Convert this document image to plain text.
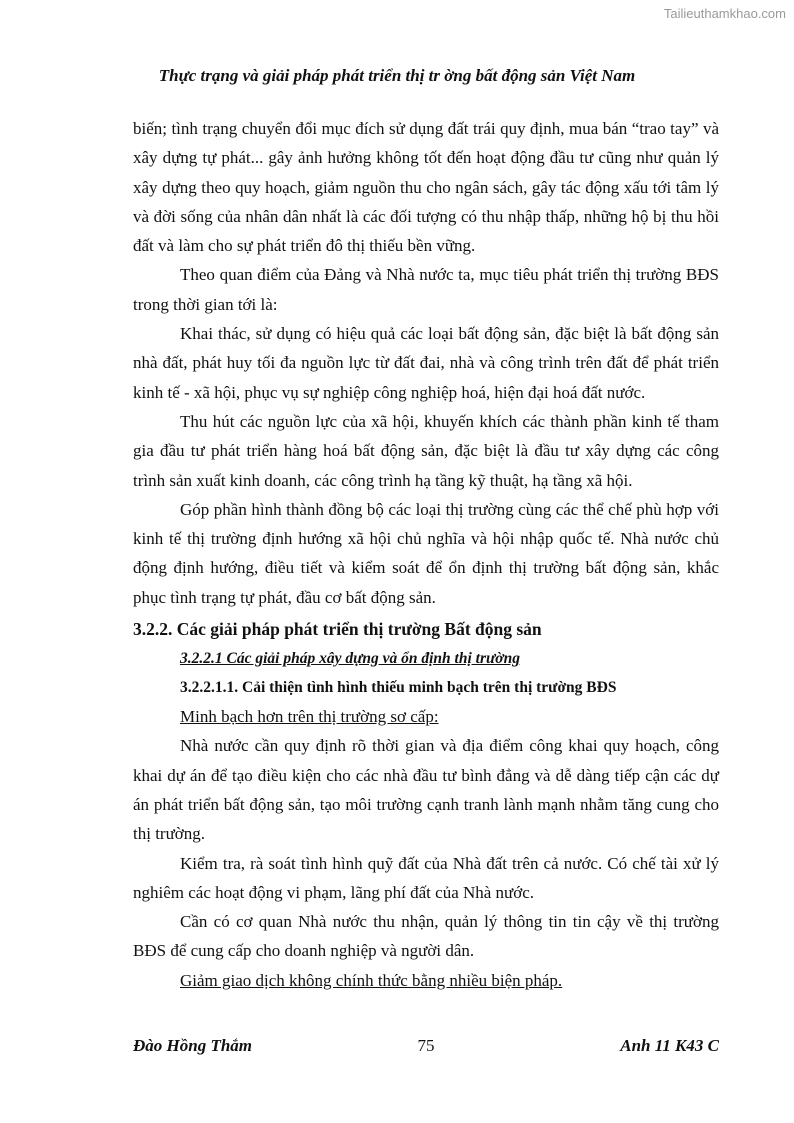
Tailieuthamkhao.com
Thực trạng và giải pháp phát triển thị tr ờng bất động sản Việt Nam

biến; tình trạng chuyển đổi mục đích sử dụng đất trái quy định, mua bán “trao tay” và xây dựng tự phát... gây ảnh hưởng không tốt đến hoạt động đầu tư cũng như quản lý xây dựng theo quy hoạch, giảm nguồn thu cho ngân sách, gây tác động xấu tới tâm lý và đời sống của nhân dân nhất là các đối tượng có thu nhập thấp, những hộ bị thu hồi đất và làm cho sự phát triển đô thị thiếu bền vững.

Theo quan điểm của Đảng và Nhà nước ta, mục tiêu phát triển thị trường BĐS trong thời gian tới là:

Khai thác, sử dụng có hiệu quả các loại bất động sản, đặc biệt là bất động sản nhà đất, phát huy tối đa nguồn lực từ đất đai, nhà và công trình trên đất để phát triển kinh tế - xã hội, phục vụ sự nghiệp công nghiệp hoá, hiện đại hoá đất nước.

Thu hút các nguồn lực của xã hội, khuyến khích các thành phần kinh tế tham gia đầu tư phát triển hàng hoá bất động sản, đặc biệt là đầu tư xây dựng các công trình sản xuất kinh doanh, các công trình hạ tầng kỹ thuật, hạ tầng xã hội.

Góp phần hình thành đồng bộ các loại thị trường cùng các thể chế phù hợp với kinh tế thị trường định hướng xã hội chủ nghĩa và hội nhập quốc tế. Nhà nước chủ động định hướng, điều tiết và kiểm soát để ổn định thị trường bất động sản, khắc phục tình trạng tự phát, đầu cơ bất động sản.

3.2.2. Các giải pháp phát triển thị trường Bất động sản
3.2.2.1 Các giải pháp xây dựng và ổn định thị trường
3.2.2.1.1. Cải thiện tình hình thiếu minh bạch trên thị trường BĐS
Minh bạch hơn trên thị trường sơ cấp:

Nhà nước cần quy định rõ thời gian và địa điểm công khai quy hoạch, công khai dự án để tạo điều kiện cho các nhà đầu tư bình đẳng và dễ dàng tiếp cận các dự án phát triển bất động sản, tạo môi trường cạnh tranh lành mạnh nhằm tăng cung cho thị trường.

Kiểm tra, rà soát tình hình quỹ đất của Nhà đất trên cả nước. Có chế tài xử lý nghiêm các hoạt động vi phạm, lãng phí đất của Nhà nước.

Cần có cơ quan Nhà nước thu nhận, quản lý thông tin tin cậy về thị trường BĐS để cung cấp cho doanh nghiệp và người dân.

Giảm giao dịch không chính thức bằng nhiều biện pháp.
Đào Hồng Thắm	75	Anh 11 K43 C
